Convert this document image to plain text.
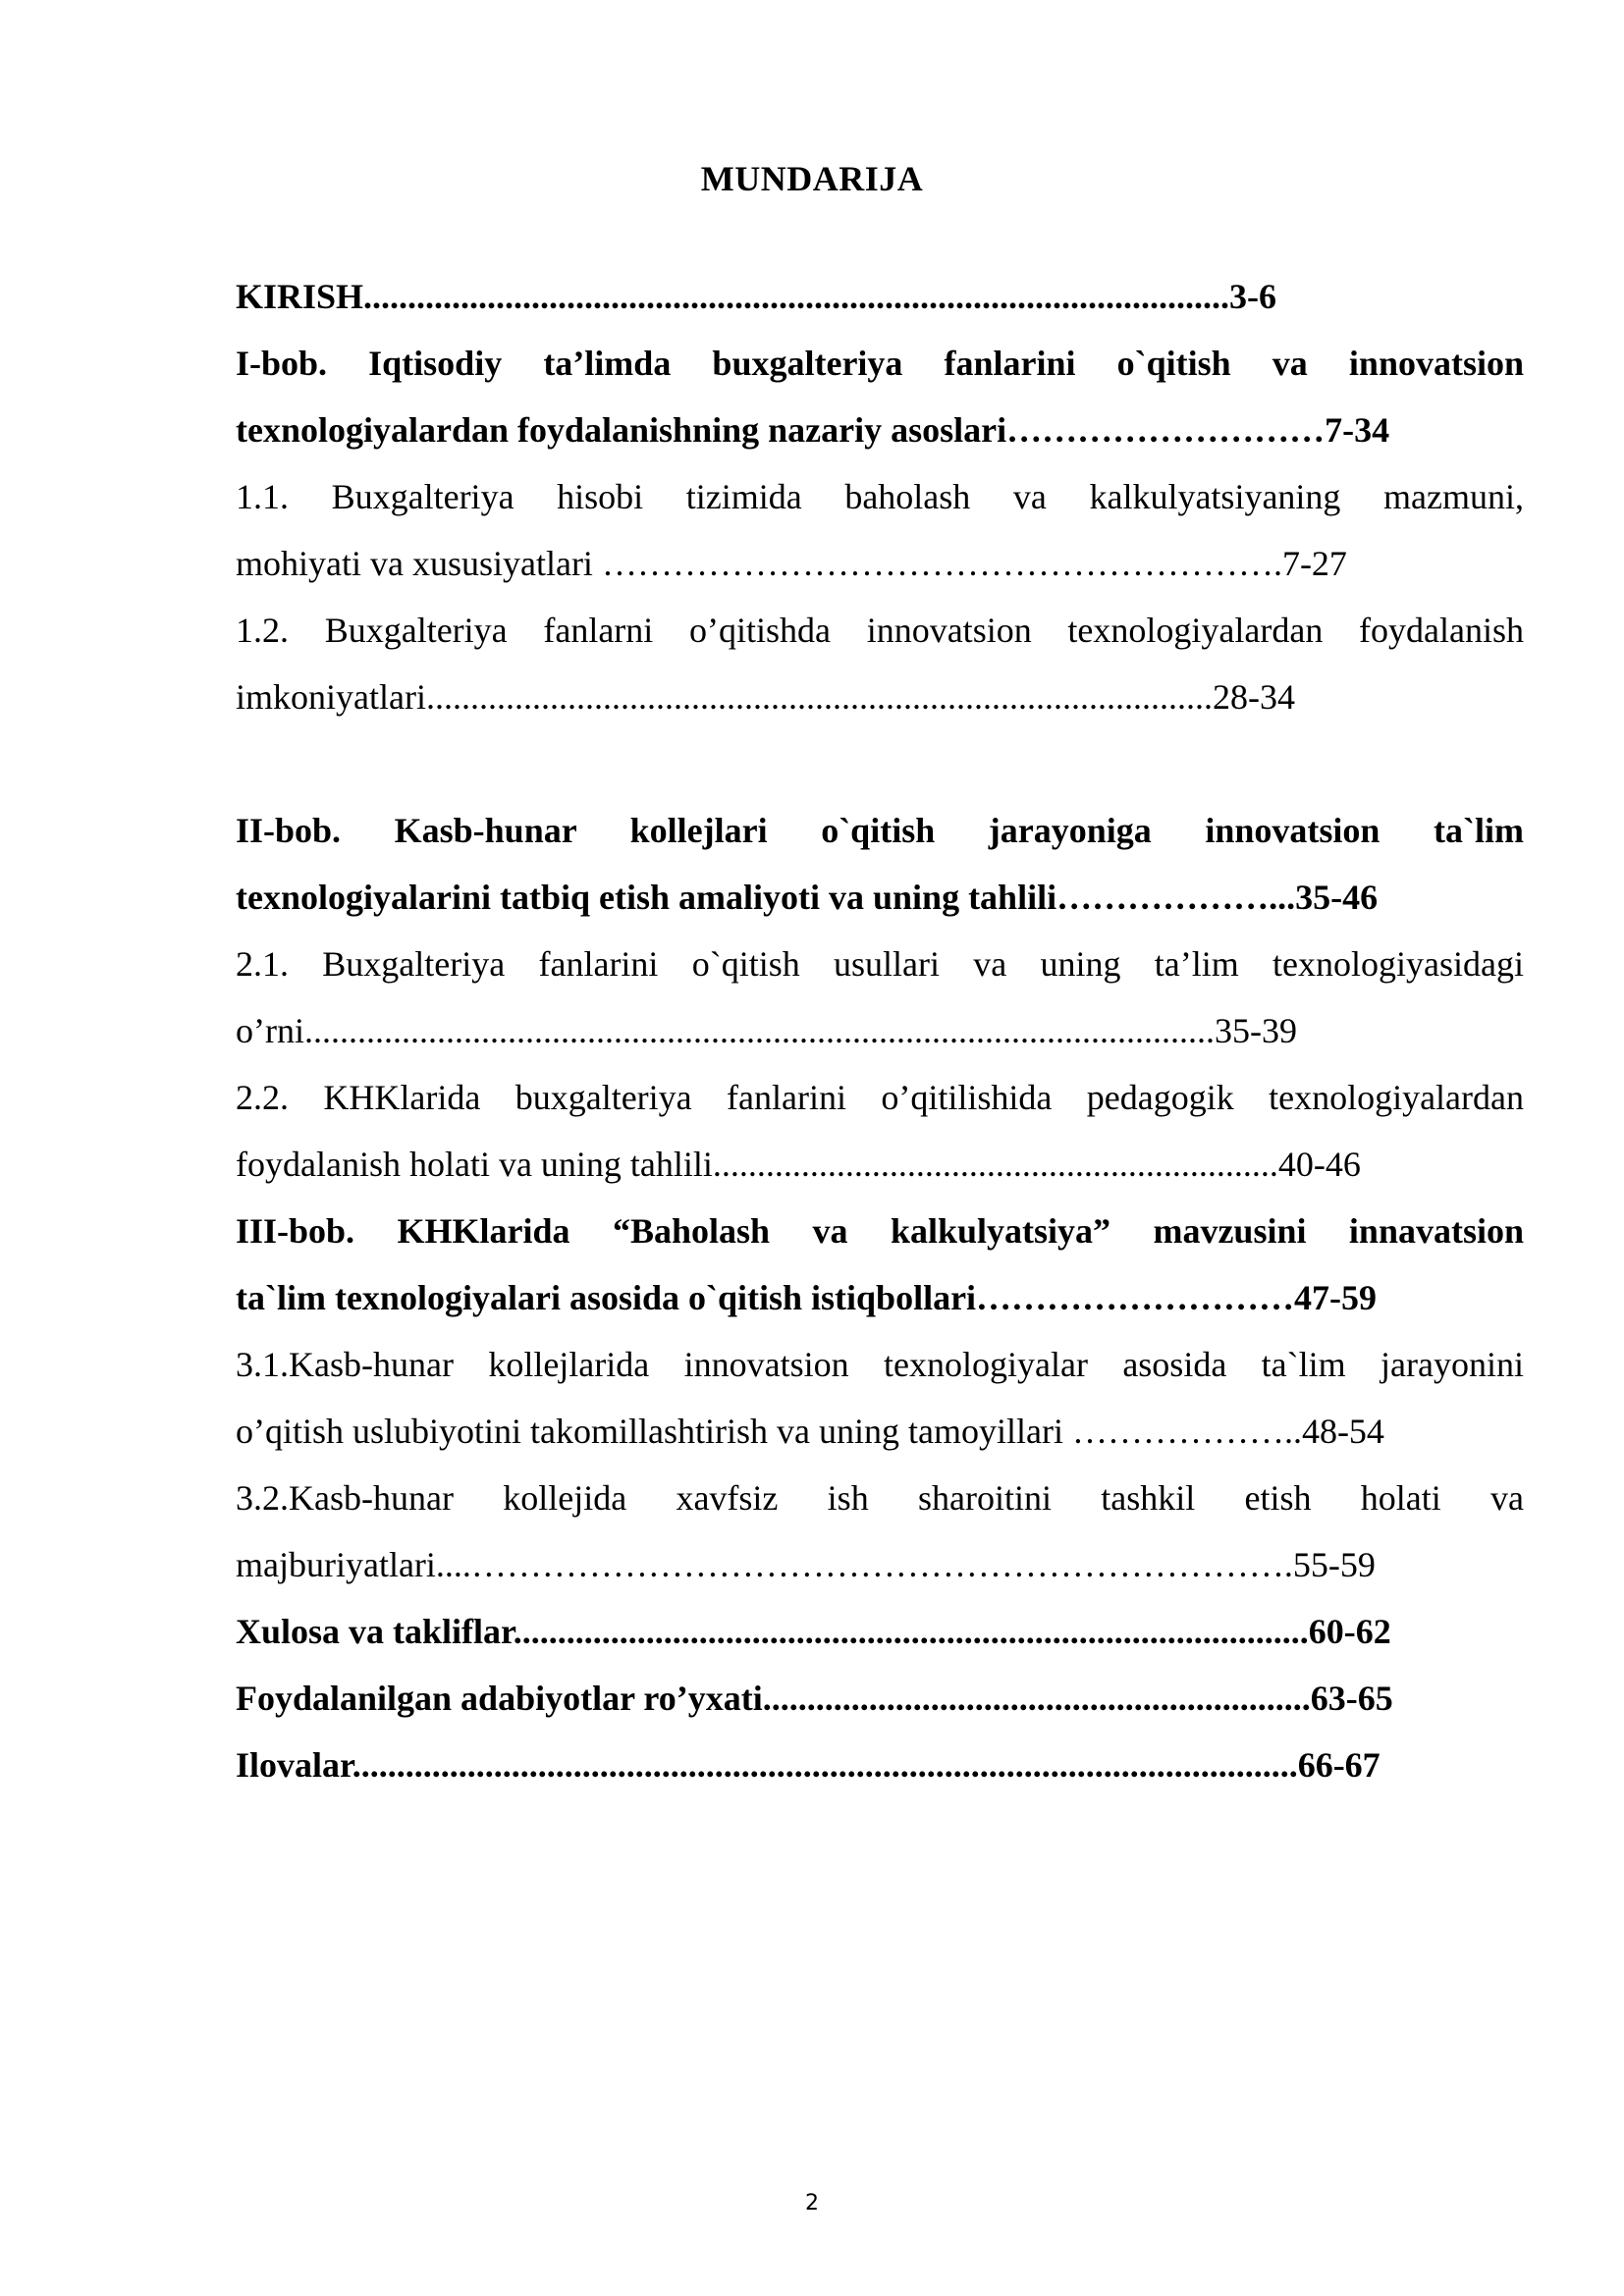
MUNDARIJA
KIRISH..................................................................................................3-6
I-bob. Iqtisodiy ta’limda buxgalteriya fanlarini o`qitish va innovatsion
texnologiyalardan foydalanishning nazariy asoslari………………………7-34
1.1. Buxgalteriya hisobi tizimida baholash va kalkulyatsiyaning mazmuni,
mohiyati va xususiyatlari ………………………………………………….7-27
1.2. Buxgalteriya fanlarni o’qitishda innovatsion texnologiyalardan foydalanish
imkoniyatlari.........................................................................................28-34
II-bob. Kasb-hunar kollejlari o`qitish jarayoniga innovatsion ta`lim
texnologiyalarini tatbiq etish amaliyoti va uning tahlili………………...35-46
2.1. Buxgalteriya fanlarini o`qitish usullari va uning ta’lim texnologiyasidagi
o’rni.......................................................................................................35-39
2.2. KHKlarida buxgalteriya fanlarini o’qitilishida pedagogik texnologiyalardan
foydalanish holati va uning tahlili................................................................40-46
III-bob. KHKlarida “Baholash va kalkulyatsiya” mavzusini innavatsion
ta`lim texnologiyalari asosida o`qitish istiqbollari………………………47-59
3.1.Kasb-hunar kollejlarida innovatsion texnologiyalar asosida ta`lim jarayonini
o’qitish uslubiyotini takomillashtirish va uning tamoyillari ………………..48-54
3.2.Kasb-hunar kollejida xavfsiz ish sharoitini tashkil etish holati va
majburiyatlari....…………………………………………………………….55-59
Xulosa va takliflar..........................................................................................60-62
Foydalanilgan adabiyotlar ro’yxati..............................................................63-65
Ilovalar...........................................................................................................66-67
2
